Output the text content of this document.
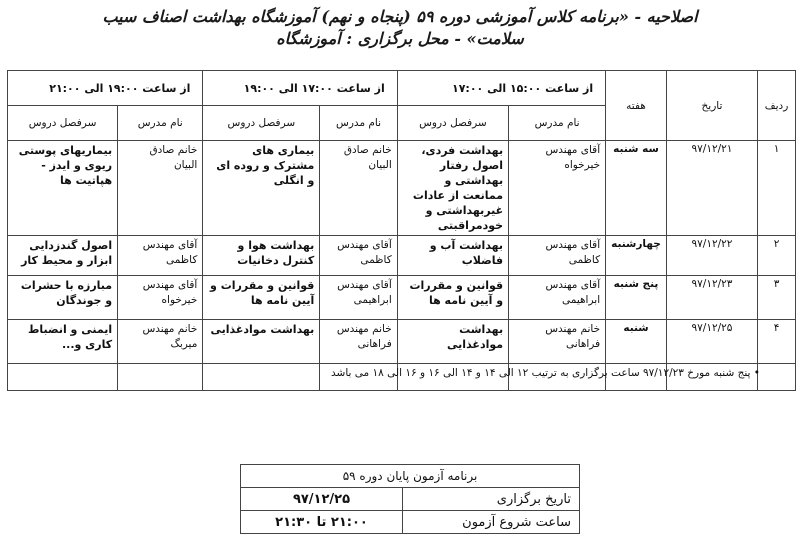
اصلاحیه - «برنامه کلاس آموزشی دوره ۵۹ (پنجاه و نهم) آموزشگاه بهداشت اصناف سیب سلامت» - محل برگزاری : آموزشگاه
ردیف	تاریخ	هفته	از ساعت ۱۵:۰۰ الی ۱۷:۰۰		از ساعت ۱۷:۰۰ الی ۱۹:۰۰		از ساعت ۱۹:۰۰ الی ۲۱:۰۰	
			نام مدرس	سرفصل دروس	نام مدرس	سرفصل دروس	نام مدرس	سرفصل دروس
۱	۹۷/۱۲/۲۱	سه شنبه	آقای مهندس خیرخواه	بهداشت فردی، اصول رفتار بهداشتی و ممانعت از عادات غیربهداشتی و خودمراقبتی	خانم صادق البیان	بیماری های مشترک و روده ای و انگلی	خانم صادق البیان	بیماریهای پوستی ریوی و ایدز - هپاتیت ها
۲	۹۷/۱۲/۲۲	چهارشنبه	آقای مهندس کاظمی	بهداشت آب و فاضلاب	آقای مهندس کاظمی	بهداشت هوا و کنترل دخانیات	آقای مهندس کاظمی	اصول گندزدایی ابزار و محیط کار
۳	۹۷/۱۲/۲۳	پنج شنبه	آقای مهندس ابراهیمی	قوانین و مقررات و آیین نامه ها	آقای مهندس ابراهیمی	قوانین و مقررات و آیین نامه ها	آقای مهندس خیرخواه	مبارزه با حشرات و جوندگان
۴	۹۷/۱۲/۲۵	شنبه	خانم مهندس فراهانی	بهداشت موادغذایی	خانم مهندس فراهانی	بهداشت موادغذایی	خانم مهندس میربگ	ایمنی و انضباط کاری و...

• پنج شنبه مورخ ۹۷/۱۲/۲۳ ساعت برگزاری به ترتیب ۱۲ الی ۱۴ و ۱۴ الی ۱۶ و ۱۶ الی ۱۸ می باشد
برنامه آزمون پایان دوره ۵۹	
تاریخ برگزاری	۹۷/۱۲/۲۵
ساعت شروع آزمون	۲۱:۰۰ تا ۲۱:۳۰
